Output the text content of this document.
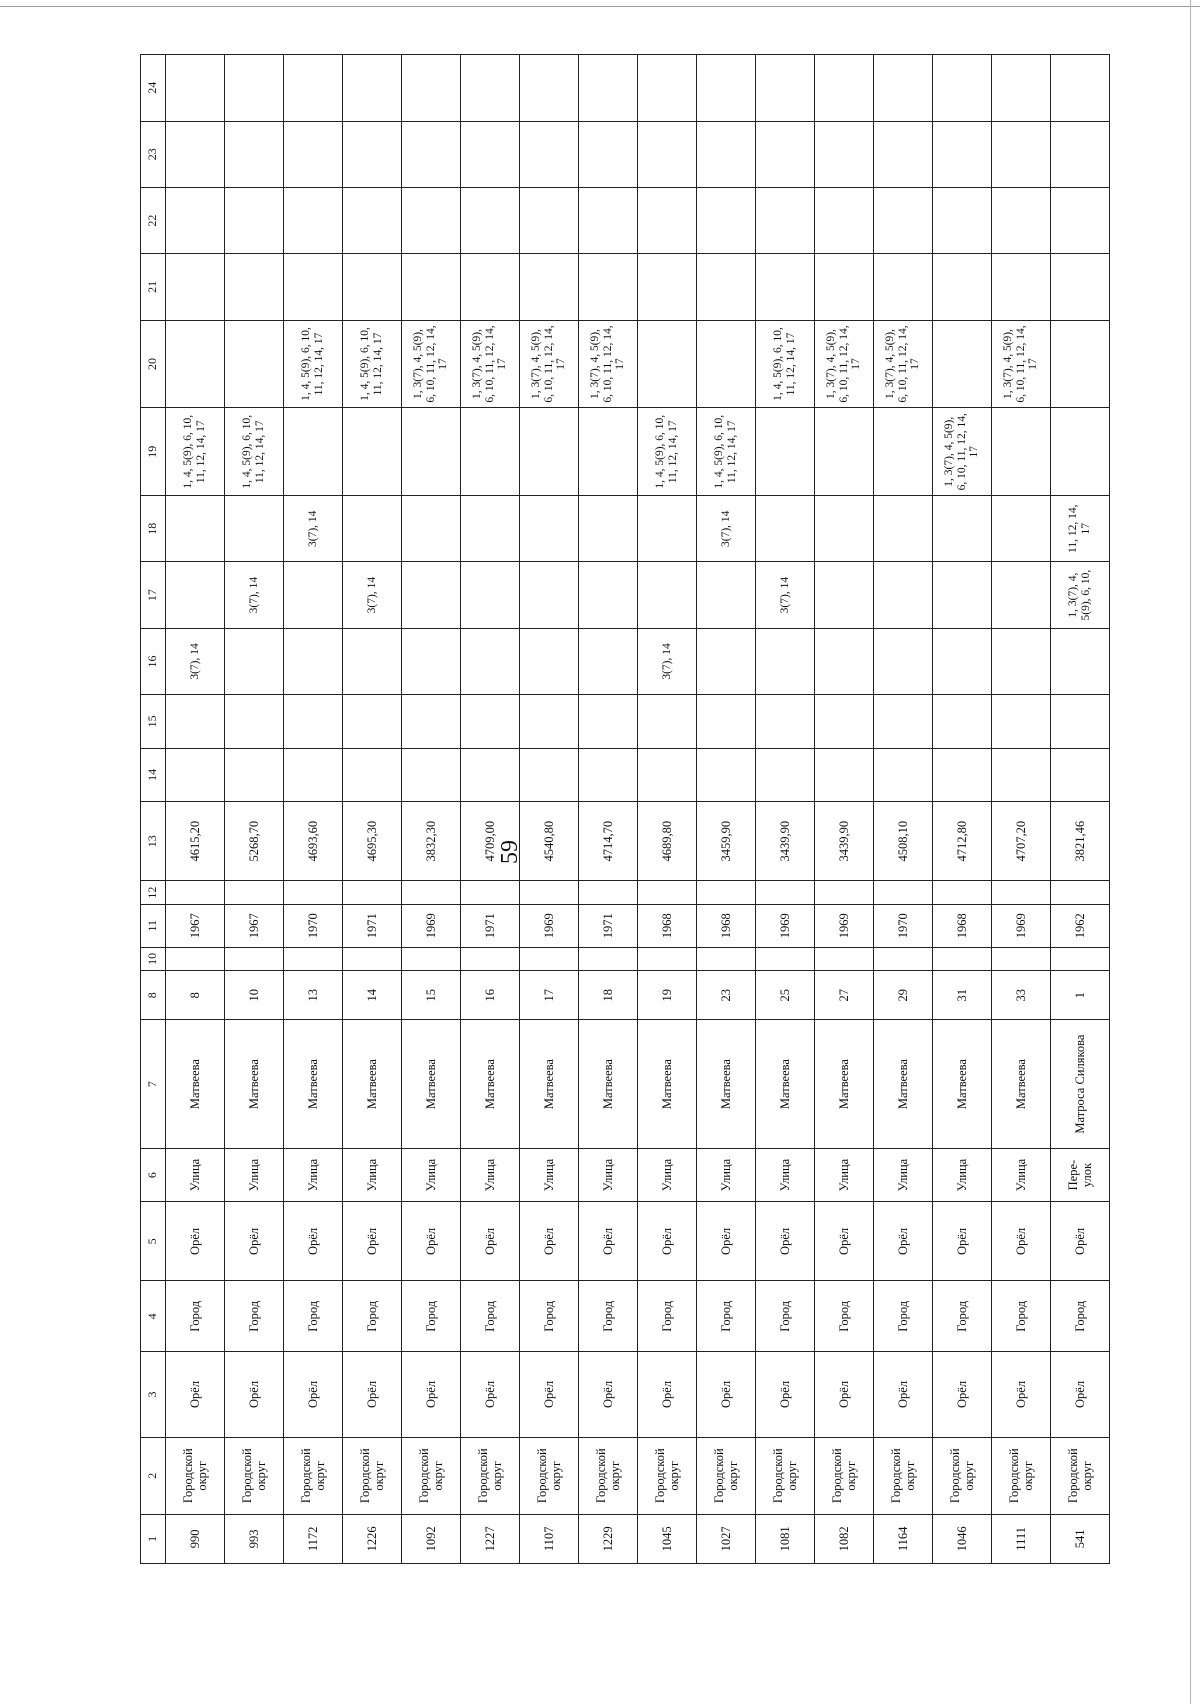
59
1	2	3	4	5	6	7	8	10	11	12	13	14	15	16	17	18	19	20	21	22	23	24
990	Городской округ	Орёл	Город	Орёл	Улица	Матвеева	8		1967		4615,20			3(7), 14			1, 4, 5(9), 6, 10, 11, 12, 14, 17					
993	Городской округ	Орёл	Город	Орёл	Улица	Матвеева	10		1967		5268,70				3(7), 14		1, 4, 5(9), 6, 10, 11, 12, 14, 17					
1172	Городской округ	Орёл	Город	Орёл	Улица	Матвеева	13		1970		4693,60					3(7), 14		1, 4, 5(9), 6, 10, 11, 12, 14, 17				
1226	Городской округ	Орёл	Город	Орёл	Улица	Матвеева	14		1971		4695,30				3(7), 14			1, 4, 5(9), 6, 10, 11, 12, 14, 17				
1092	Городской округ	Орёл	Город	Орёл	Улица	Матвеева	15		1969		3832,30							1, 3(7), 4, 5(9), 6, 10, 11, 12, 14, 17				
1227	Городской округ	Орёл	Город	Орёл	Улица	Матвеева	16		1971		4709,00							1, 3(7), 4, 5(9), 6, 10, 11, 12, 14, 17				
1107	Городской округ	Орёл	Город	Орёл	Улица	Матвеева	17		1969		4540,80							1, 3(7), 4, 5(9), 6, 10, 11, 12, 14, 17				
1229	Городской округ	Орёл	Город	Орёл	Улица	Матвеева	18		1971		4714,70							1, 3(7), 4, 5(9), 6, 10, 11, 12, 14, 17				
1045	Городской округ	Орёл	Город	Орёл	Улица	Матвеева	19		1968		4689,80			3(7), 14			1, 4, 5(9), 6, 10, 11, 12, 14, 17					
1027	Городской округ	Орёл	Город	Орёл	Улица	Матвеева	23		1968		3459,90					3(7), 14	1, 4, 5(9), 6, 10, 11, 12, 14, 17					
1081	Городской округ	Орёл	Город	Орёл	Улица	Матвеева	25		1969		3439,90				3(7), 14			1, 4, 5(9), 6, 10, 11, 12, 14, 17				
1082	Городской округ	Орёл	Город	Орёл	Улица	Матвеева	27		1969		3439,90							1, 3(7), 4, 5(9), 6, 10, 11, 12, 14, 17				
1164	Городской округ	Орёл	Город	Орёл	Улица	Матвеева	29		1970		4508,10							1, 3(7), 4, 5(9), 6, 10, 11, 12, 14, 17				
1046	Городской округ	Орёл	Город	Орёл	Улица	Матвеева	31		1968		4712,80						1, 3(7), 4, 5(9), 6, 10, 11, 12, 14, 17					
1111	Городской округ	Орёл	Город	Орёл	Улица	Матвеева	33		1969		4707,20							1, 3(7), 4, 5(9), 6, 10, 11, 12, 14, 17				
541	Городской округ	Орёл	Город	Орёл	Пере-улок	Матроса Силякова	1		1962		3821,46				1, 3(7), 4, 5(9), 6, 10,	11, 12, 14, 17						
